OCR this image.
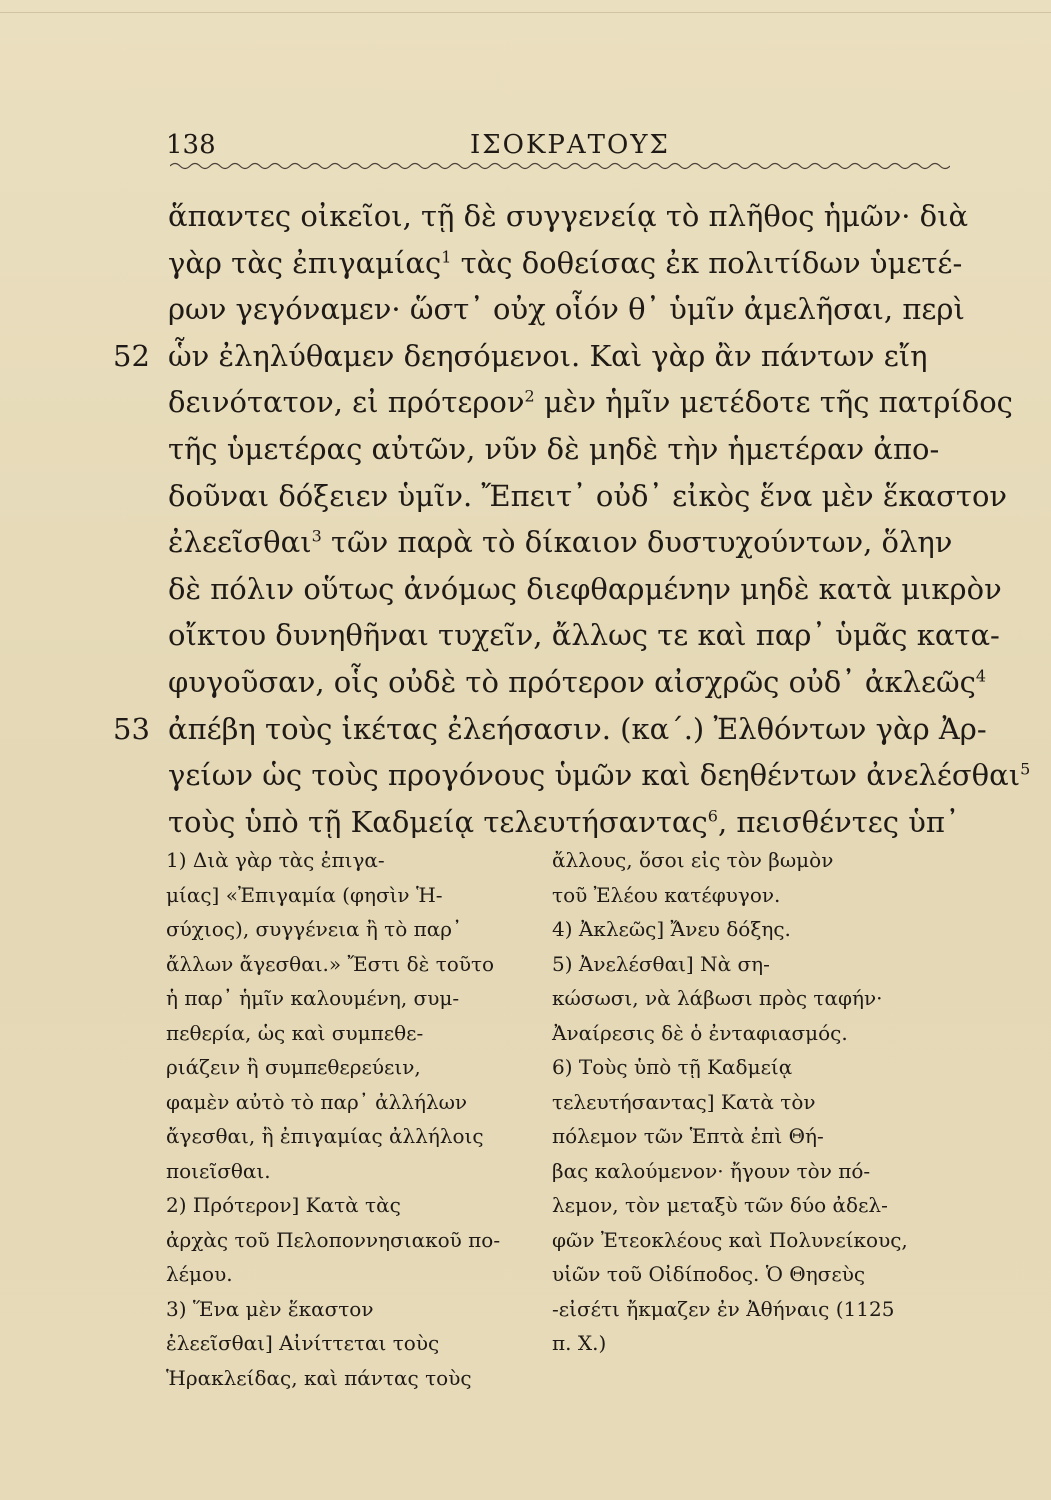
138	ΙΣΟΚΡΑΤΟΥΣ
ἅπαντες οἰκεῖοι, τῇ δὲ συγγενείᾳ τὸ πλῆθος ἡμῶν· διὰ
γὰρ τὰς ἐπιγαμίας$^1$ τὰς δοθείσας ἐκ πολιτίδων ὑμετέ-
ρων γεγόναμεν· ὥστ᾽ οὐχ οἷόν θ᾽ ὑμῖν ἀμελῆσαι, περὶ
52 ὧν ἐληλύθαμεν δεησόμενοι. Καὶ γὰρ ἂν πάντων εἴη
δεινότατον, εἰ πρότερον$^2$ μὲν ἡμῖν μετέδοτε τῆς πατρίδος
τῆς ὑμετέρας αὐτῶν, νῦν δὲ μηδὲ τὴν ἡμετέραν ἀπο-
δοῦναι δόξειεν ὑμῖν. Ἔπειτ᾽ οὐδ᾽ εἰκὸς ἕνα μὲν ἕκαστον
ἐλεεῖσθαι$^3$ τῶν παρὰ τὸ δίκαιον δυστυχούντων, ὅλην
δὲ πόλιν οὕτως ἀνόμως διεφθαρμένην μηδὲ κατὰ μικρὸν
οἴκτου δυνηθῆναι τυχεῖν, ἄλλως τε καὶ παρ᾽ ὑμᾶς κατα-
φυγοῦσαν, οἷς οὐδὲ τὸ πρότερον αἰσχρῶς οὐδ᾽ ἀκλεῶς$^4$
53 ἀπέβη τοὺς ἱκέτας ἐλεήσασιν. (κα΄.) Ἐλθόντων γὰρ Ἀρ-
γείων ὡς τοὺς προγόνους ὑμῶν καὶ δεηθέντων ἀνελέσθαι$^5$
τοὺς ὑπὸ τῇ Καδμείᾳ τελευτήσαντας$^6$, πεισθέντες ὑπ᾽
1) Διὰ γὰρ τὰς ἐπιγα-
μίας] «Ἐπιγαμία (φησὶν Ἡ-
σύχιος), συγγένεια ἢ τὸ παρ᾽
ἄλλων ἄγεσθαι.» Ἔστι δὲ τοῦτο
ἡ παρ᾽ ἡμῖν καλουμένη, συμ-
πεθερία, ὡς καὶ συμπεθε-
ριάζειν ἢ συμπεθερεύειν,
φαμὲν αὐτὸ τὸ παρ᾽ ἀλλήλων
ἄγεσθαι, ἢ ἐπιγαμίας ἀλλήλοις
ποιεῖσθαι.
2) Πρότερον] Κατὰ τὰς
ἀρχὰς τοῦ Πελοποννησιακοῦ πο-
λέμου.
3) Ἕνα μὲν ἕκαστον
ἐλεεῖσθαι] Αἰνίττεται τοὺς
Ἡρακλείδας, καὶ πάντας τοὺς
ἄλλους, ὅσοι εἰς τὸν βωμὸν
τοῦ Ἐλέου κατέφυγον.
4) Ἀκλεῶς] Ἄνευ δόξης.
5) Ἀνελέσθαι] Νὰ ση-
κώσωσι, νὰ λάβωσι πρὸς ταφήν·
Ἀναίρεσις δὲ ὁ ἐνταφιασμός.
6) Τοὺς ὑπὸ τῇ Καδμείᾳ
τελευτήσαντας] Κατὰ τὸν
πόλεμον τῶν Ἑπτὰ ἐπὶ Θή-
βας καλούμενον· ἤγουν τὸν πό-
λεμον, τὸν μεταξὺ τῶν δύο ἀδελ-
φῶν Ἐτεοκλέους καὶ Πολυνείκους,
υἱῶν τοῦ Οἰδίποδος. Ὁ Θησεὺς
-εἰσέτι ἤκμαζεν ἐν Ἀθήναις (1125
π. Χ.)
